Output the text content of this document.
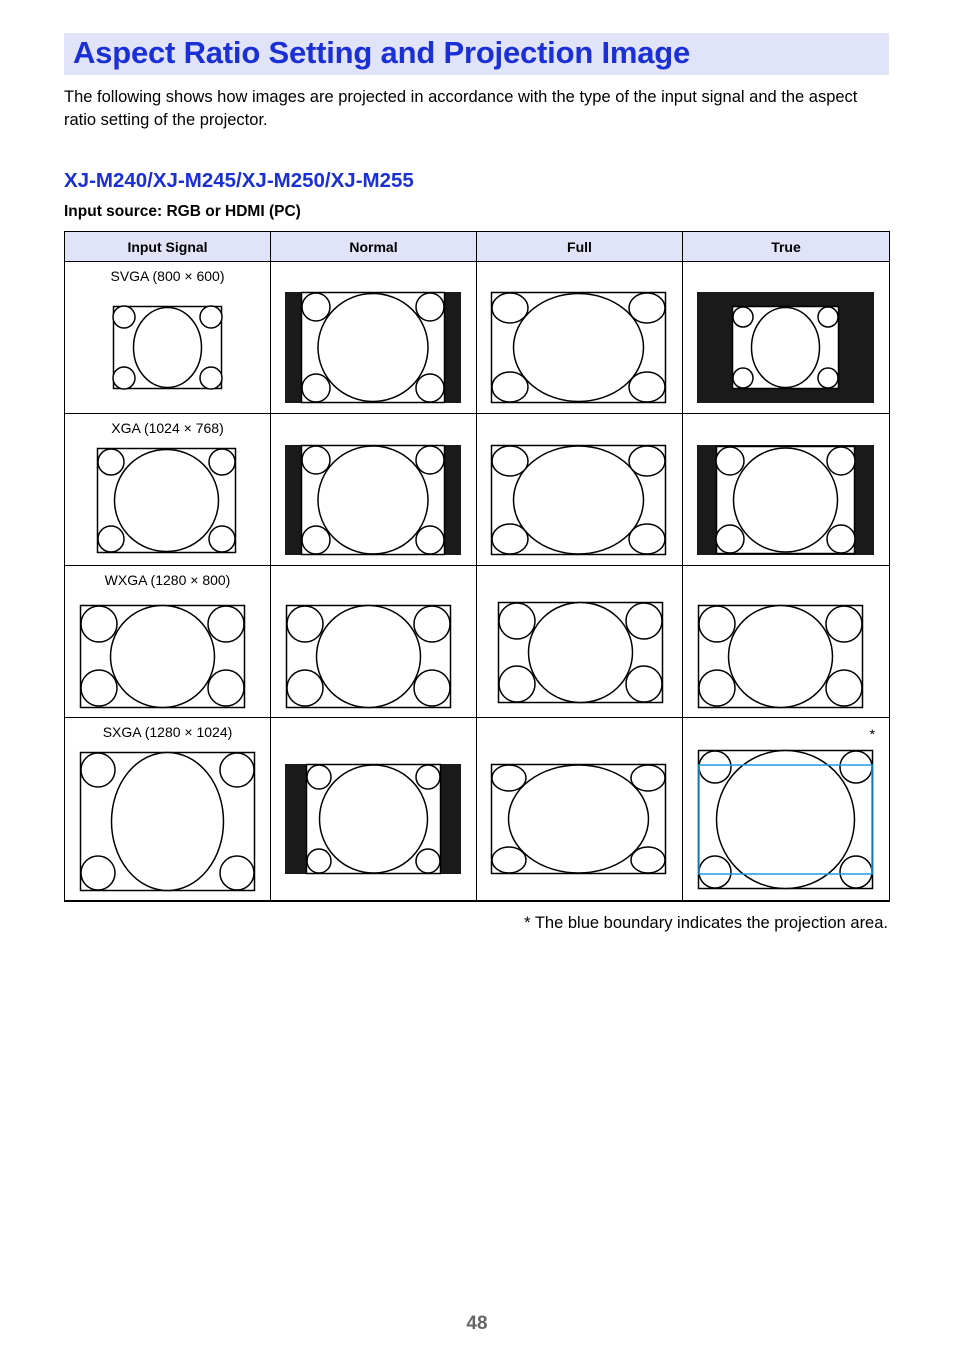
Aspect Ratio Setting and Projection Image

The following shows how images are projected in accordance with the type of the input signal and the aspect ratio setting of the projector.

XJ-M240/XJ-M245/XJ-M250/XJ-M255

Input source: RGB or HDMI (PC)

Input Signal	Normal	Full	True

SVGA (800 × 600)

XGA (1024 × 768)

WXGA (1280 × 800)

SXGA (1280 × 1024)			*

* The blue boundary indicates the projection area.

48
